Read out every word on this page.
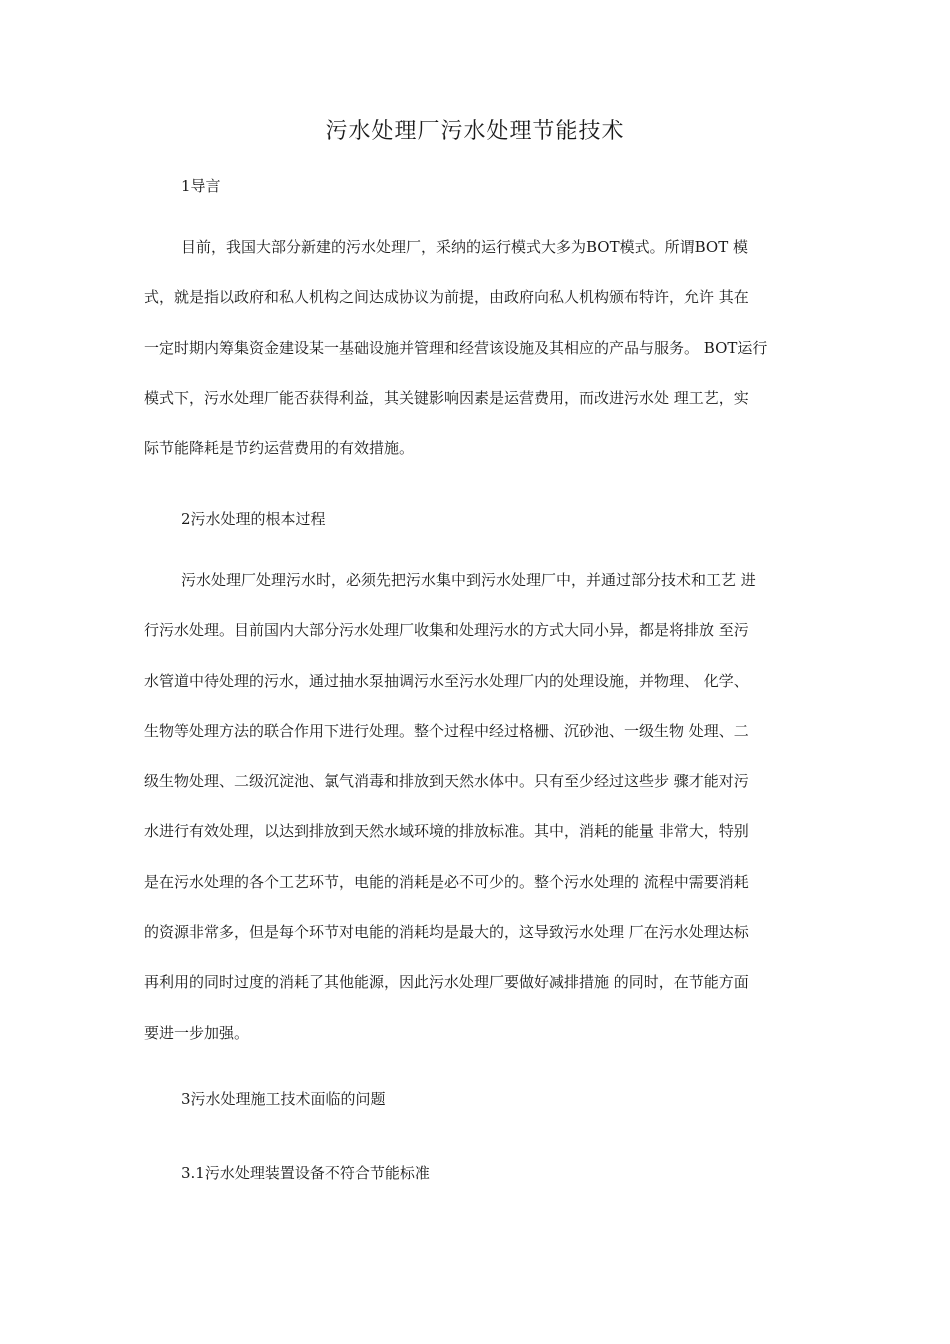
污水处理厂污水处理节能技术
1导言
目前，我国大部分新建的污水处理厂，采纳的运行模式大多为BOT模式。所谓BOT 模
式，就是指以政府和私人机构之间达成协议为前提，由政府向私人机构颁布特许，允许 其在
一定时期内筹集资金建设某一基础设施并管理和经营该设施及其相应的产品与服务。 BOT运行
模式下，污水处理厂能否获得利益，其关键影响因素是运营费用，而改进污水处 理工艺，实
际节能降耗是节约运营费用的有效措施。
2污水处理的根本过程
污水处理厂处理污水时，必须先把污水集中到污水处理厂中，并通过部分技术和工艺 进
行污水处理。目前国内大部分污水处理厂收集和处理污水的方式大同小异，都是将排放 至污
水管道中待处理的污水，通过抽水泵抽调污水至污水处理厂内的处理设施，并物理、 化学、
生物等处理方法的联合作用下进行处理。整个过程中经过格栅、沉砂池、一级生物 处理、二
级生物处理、二级沉淀池、氯气消毒和排放到天然水体中。只有至少经过这些步 骤才能对污
水进行有效处理，以达到排放到天然水域环境的排放标准。其中，消耗的能量 非常大，特别
是在污水处理的各个工艺环节，电能的消耗是必不可少的。整个污水处理的 流程中需要消耗
的资源非常多，但是每个环节对电能的消耗均是最大的，这导致污水处理 厂在污水处理达标
再利用的同时过度的消耗了其他能源，因此污水处理厂要做好减排措施 的同时，在节能方面
要进一步加强。
3污水处理施工技术面临的问题
3.1污水处理装置设备不符合节能标准
